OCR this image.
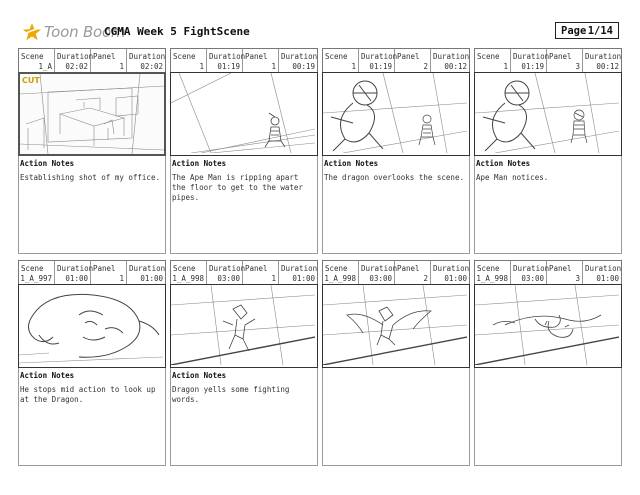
Toon Boom
CGMA Week 5 FightScene	Page 1/14
Scene
1_A
Duration
02:02
Panel
1
Duration
02:02
CUT
Action Notes
Establishing shot of my office.
Scene
1
Duration
01:19
Panel
1
Duration
00:19
Action Notes
The Ape Man is ripping apart the floor to get to the water pipes.
Scene
1
Duration
01:19
Panel
2
Duration
00:12
Action Notes
The dragon overlooks the scene.
Scene
1
Duration
01:19
Panel
3
Duration
00:12
Action Notes
Ape Man notices.
Scene
1_A_997
Duration
01:00
Panel
1
Duration
01:00
Action Notes
He stops mid action to look up at the Dragon.
Scene
1_A_998
Duration
03:00
Panel
1
Duration
01:00
Action Notes
Dragon yells some fighting words.
Scene
1_A_998
Duration
03:00
Panel
2
Duration
01:00
Scene
1_A_998
Duration
03:00
Panel
3
Duration
01:00
